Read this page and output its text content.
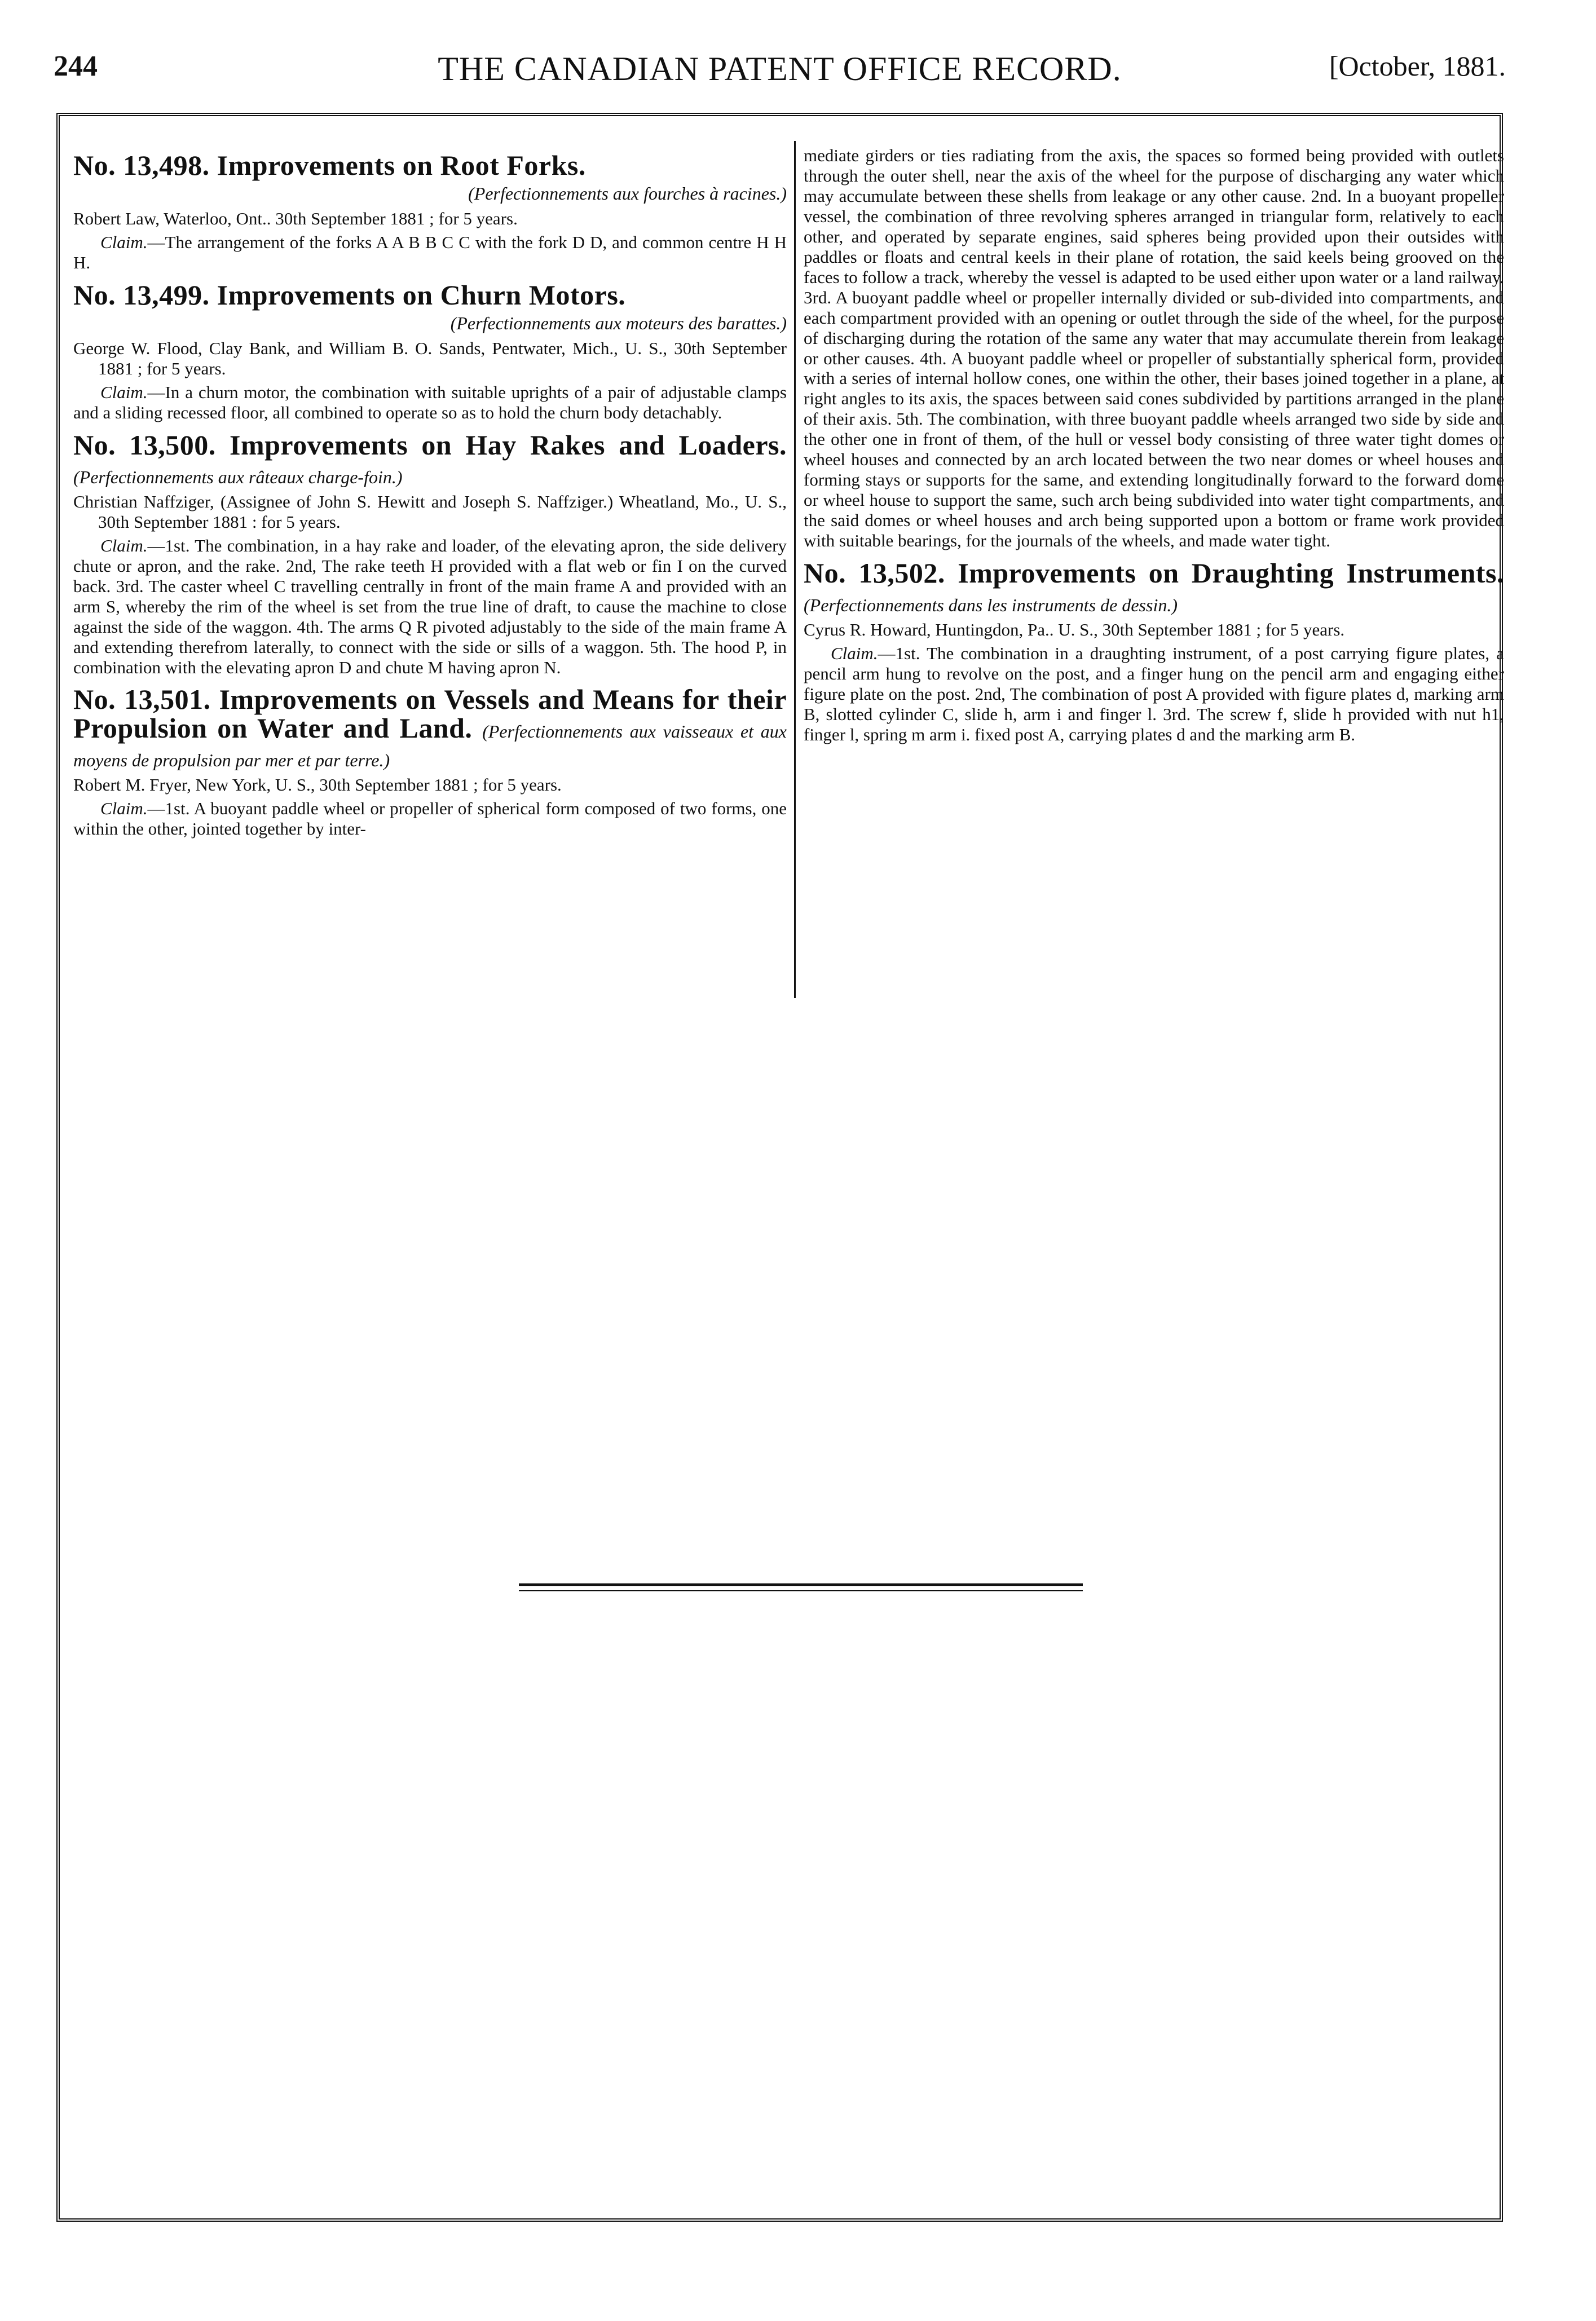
244	THE CANADIAN PATENT OFFICE RECORD.	[October, 1881.
No. 13,498. Improvements on Root Forks.
(Perfectionnements aux fourches à racines.)
Robert Law, Waterloo, Ont.. 30th September 1881 ; for 5 years.
Claim.—The arrangement of the forks A A B B C C with the fork D D, and common centre H H H.
No. 13,499. Improvements on Churn Motors.
(Perfectionnements aux moteurs des barattes.)
George W. Flood, Clay Bank, and William B. O. Sands, Pentwater, Mich., U. S., 30th September 1881 ; for 5 years.
Claim.—In a churn motor, the combination with suitable uprights of a pair of adjustable clamps and a sliding recessed floor, all combined to operate so as to hold the churn body detachably.
No. 13,500. Improvements on Hay Rakes and Loaders. (Perfectionnements aux râteaux charge-foin.)
Christian Naffziger, (Assignee of John S. Hewitt and Joseph S. Naffziger.) Wheatland, Mo., U. S., 30th September 1881 : for 5 years.
Claim.—1st. The combination, in a hay rake and loader, of the elevating apron, the side delivery chute or apron, and the rake. 2nd, The rake teeth H provided with a flat web or fin I on the curved back. 3rd. The caster wheel C travelling centrally in front of the main frame A and provided with an arm S, whereby the rim of the wheel is set from the true line of draft, to cause the machine to close against the side of the waggon. 4th. The arms Q R pivoted adjustably to the side of the main frame A and extending therefrom laterally, to connect with the side or sills of a waggon. 5th. The hood P, in combination with the elevating apron D and chute M having apron N.
No. 13,501. Improvements on Vessels and Means for their Propulsion on Water and Land. (Perfectionnements aux vaisseaux et aux moyens de propulsion par mer et par terre.)
Robert M. Fryer, New York, U. S., 30th September 1881 ; for 5 years.
Claim.—1st. A buoyant paddle wheel or propeller of spherical form composed of two forms, one within the other, jointed together by inter-
mediate girders or ties radiating from the axis, the spaces so formed being provided with outlets through the outer shell, near the axis of the wheel for the purpose of discharging any water which may accumulate between these shells from leakage or any other cause. 2nd. In a buoyant propeller vessel, the combination of three revolving spheres arranged in triangular form, relatively to each other, and operated by separate engines, said spheres being provided upon their outsides with paddles or floats and central keels in their plane of rotation, the said keels being grooved on the faces to follow a track, whereby the vessel is adapted to be used either upon water or a land railway. 3rd. A buoyant paddle wheel or propeller internally divided or sub-divided into compartments, and each compartment provided with an opening or outlet through the side of the wheel, for the purpose of discharging during the rotation of the same any water that may accumulate therein from leakage or other causes. 4th. A buoyant paddle wheel or propeller of substantially spherical form, provided with a series of internal hollow cones, one within the other, their bases joined together in a plane, at right angles to its axis, the spaces between said cones subdivided by partitions arranged in the plane of their axis. 5th. The combination, with three buoyant paddle wheels arranged two side by side and the other one in front of them, of the hull or vessel body consisting of three water tight domes or wheel houses and connected by an arch located between the two near domes or wheel houses and forming stays or supports for the same, and extending longitudinally forward to the forward dome or wheel house to support the same, such arch being subdivided into water tight compartments, and the said domes or wheel houses and arch being supported upon a bottom or frame work provided with suitable bearings, for the journals of the wheels, and made water tight.
No. 13,502. Improvements on Draughting Instruments. (Perfectionnements dans les instruments de dessin.)
Cyrus R. Howard, Huntingdon, Pa.. U. S., 30th September 1881 ; for 5 years.
Claim.—1st. The combination in a draughting instrument, of a post carrying figure plates, a pencil arm hung to revolve on the post, and a finger hung on the pencil arm and engaging either figure plate on the post. 2nd, The combination of post A provided with figure plates d, marking arm B, slotted cylinder C, slide h, arm i and finger l. 3rd. The screw f, slide h provided with nut h1, finger l, spring m arm i. fixed post A, carrying plates d and the marking arm B.
